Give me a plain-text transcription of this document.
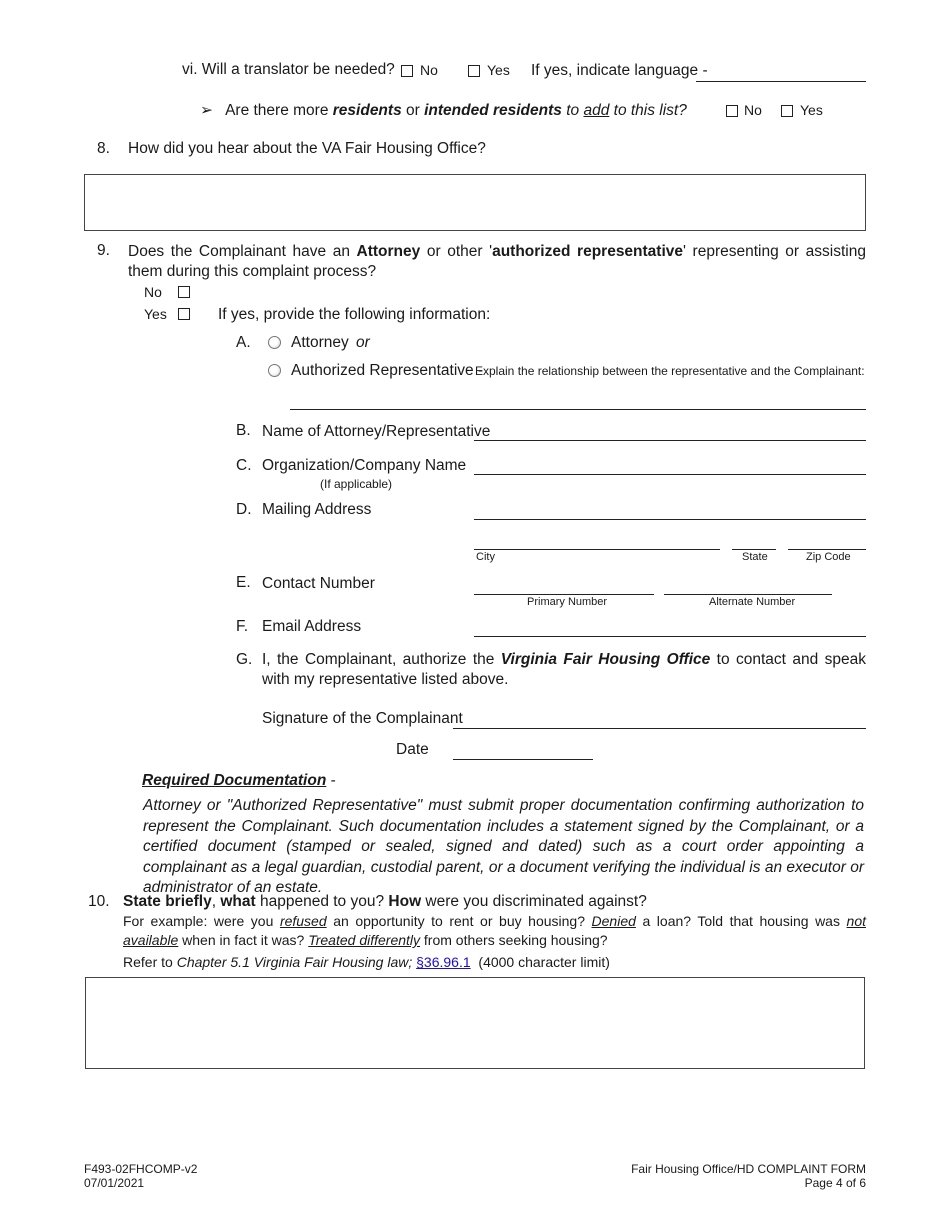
vi. Will a translator be needed? No	Yes If yes, indicate language -
➢ Are there more residents or intended residents to add to this list?	No	Yes
8. How did you hear about the VA Fair Housing Office?
9. Does the Complainant have an Attorney or other 'authorized representative' representing or assisting them during this complaint process?
No
Yes	If yes, provide the following information:
A.	Attorney or
Authorized Representative -
Explain the relationship between the representative and the Complainant:
B. Name of Attorney/Representative
C. Organization/Company Name
(If applicable)
D. Mailing Address
City	State	Zip Code
E. Contact Number
Primary Number	Alternate Number
F. Email Address
G. I, the Complainant, authorize the Virginia Fair Housing Office to contact and speak with my representative listed above.
Signature of the Complainant
Date
Required Documentation -
Attorney or "Authorized Representative" must submit proper documentation confirming authorization to represent the Complainant. Such documentation includes a statement signed by the Complainant, or a certified document (stamped or sealed, signed and dated) such as a court order appointing a complainant as a legal guardian, custodial parent, or a document verifying the individual is an executor or administrator of an estate.
10. State briefly, what happened to you? How were you discriminated against?
For example: were you refused an opportunity to rent or buy housing? Denied a loan? Told that housing was not available when in fact it was? Treated differently from others seeking housing?
Refer to Chapter 5.1 Virginia Fair Housing law; §36.96.1  (4000 character limit)
F493-02FHCOMP-v2
07/01/2021
Fair Housing Office/HD COMPLAINT FORM
Page 4 of 6
